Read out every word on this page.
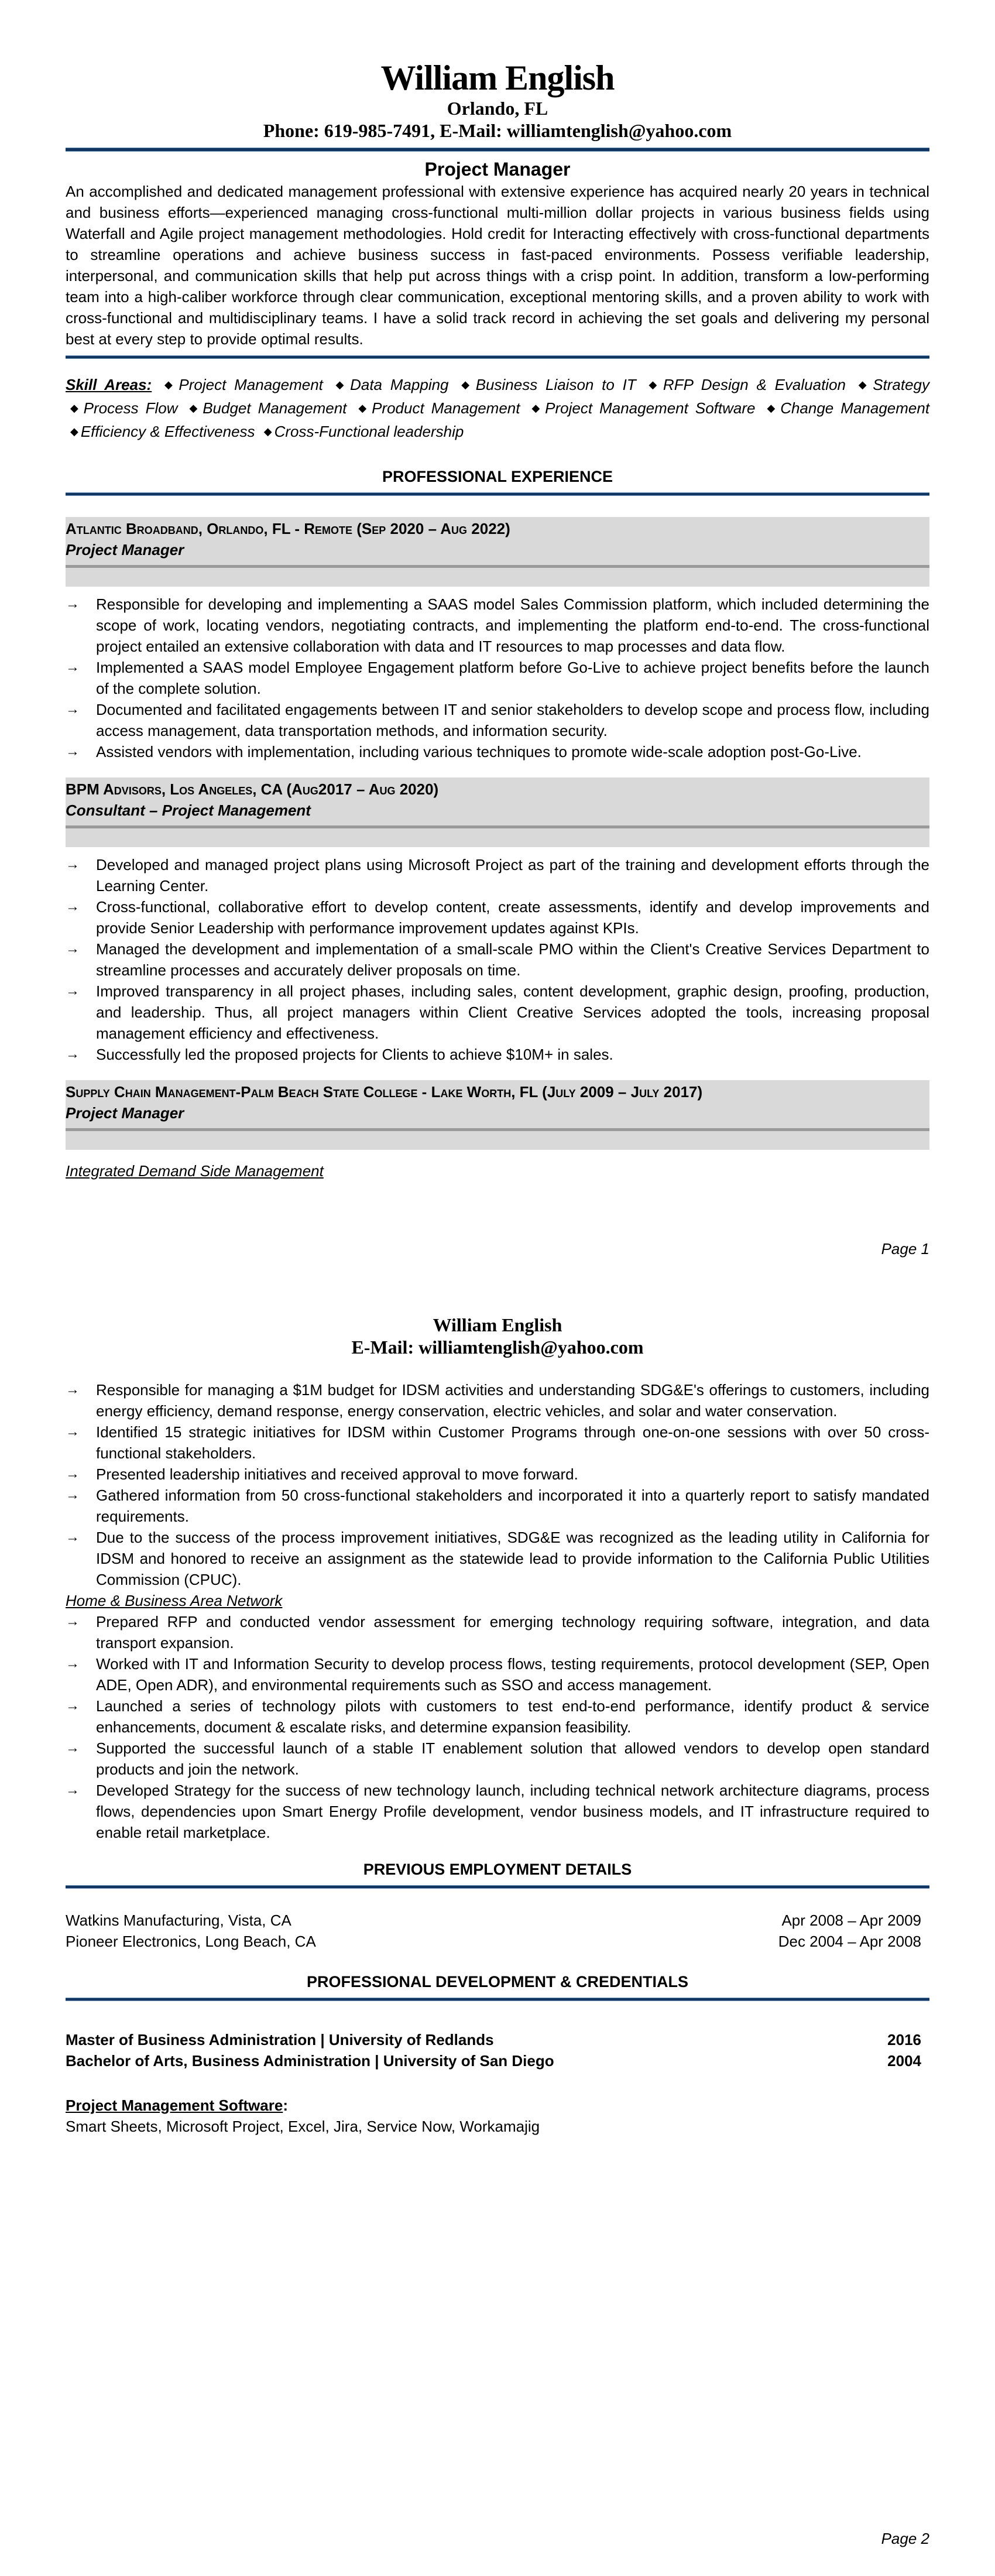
William English
Orlando, FL
Phone: 619-985-7491, E-Mail: williamtenglish@yahoo.com
Project Manager

An accomplished and dedicated management professional with extensive experience has acquired nearly 20 years in technical and business efforts—experienced managing cross-functional multi-million dollar projects in various business fields using Waterfall and Agile project management methodologies. Hold credit for Interacting effectively with cross-functional departments to streamline operations and achieve business success in fast-paced environments. Possess verifiable leadership, interpersonal, and communication skills that help put across things with a crisp point. In addition, transform a low-performing team into a high-caliber workforce through clear communication, exceptional mentoring skills, and a proven ability to work with cross-functional and multidisciplinary teams. I have a solid track record in achieving the set goals and delivering my personal best at every step to provide optimal results.

Skill Areas: ◆ Project Management ◆ Data Mapping ◆ Business Liaison to IT ◆ RFP Design & Evaluation ◆ Strategy ◆ Process Flow ◆ Budget Management ◆ Product Management ◆ Project Management Software ◆ Change Management ◆ Efficiency & Effectiveness ◆ Cross-Functional leadership
PROFESSIONAL EXPERIENCE
Atlantic Broadband, Orlando, FL - Remote (Sep 2020 – Aug 2022)
Project Manager
→	Responsible for developing and implementing a SAAS model Sales Commission platform, which included determining the scope of work, locating vendors, negotiating contracts, and implementing the platform end-to-end. The cross-functional project entailed an extensive collaboration with data and IT resources to map processes and data flow.
→	Implemented a SAAS model Employee Engagement platform before Go-Live to achieve project benefits before the launch of the complete solution.
→	Documented and facilitated engagements between IT and senior stakeholders to develop scope and process flow, including access management, data transportation methods, and information security.
→	Assisted vendors with implementation, including various techniques to promote wide-scale adoption post-Go-Live.
BPM Advisors, Los Angeles, CA (Aug2017 – Aug 2020)
Consultant – Project Management
→	Developed and managed project plans using Microsoft Project as part of the training and development efforts through the Learning Center.
→	Cross-functional, collaborative effort to develop content, create assessments, identify and develop improvements and provide Senior Leadership with performance improvement updates against KPIs.
→	Managed the development and implementation of a small-scale PMO within the Client's Creative Services Department to streamline processes and accurately deliver proposals on time.
→	Improved transparency in all project phases, including sales, content development, graphic design, proofing, production, and leadership. Thus, all project managers within Client Creative Services adopted the tools, increasing proposal management efficiency and effectiveness.
→	Successfully led the proposed projects for Clients to achieve $10M+ in sales.
Supply Chain Management-Palm Beach State College - Lake Worth, FL (July 2009 – July 2017)
Project Manager
Integrated Demand Side Management
Page 1
William English
E-Mail: williamtenglish@yahoo.com
→	Responsible for managing a $1M budget for IDSM activities and understanding SDG&E's offerings to customers, including energy efficiency, demand response, energy conservation, electric vehicles, and solar and water conservation.
→	Identified 15 strategic initiatives for IDSM within Customer Programs through one-on-one sessions with over 50 cross-functional stakeholders.
→	Presented leadership initiatives and received approval to move forward.
→	Gathered information from 50 cross-functional stakeholders and incorporated it into a quarterly report to satisfy mandated requirements.
→	Due to the success of the process improvement initiatives, SDG&E was recognized as the leading utility in California for IDSM and honored to receive an assignment as the statewide lead to provide information to the California Public Utilities Commission (CPUC).
Home & Business Area Network
→	Prepared RFP and conducted vendor assessment for emerging technology requiring software, integration, and data transport expansion.
→	Worked with IT and Information Security to develop process flows, testing requirements, protocol development (SEP, Open ADE, Open ADR), and environmental requirements such as SSO and access management.
→	Launched a series of technology pilots with customers to test end-to-end performance, identify product & service enhancements, document & escalate risks, and determine expansion feasibility.
→	Supported the successful launch of a stable IT enablement solution that allowed vendors to develop open standard products and join the network.
→	Developed Strategy for the success of new technology launch, including technical network architecture diagrams, process flows, dependencies upon Smart Energy Profile development, vendor business models, and IT infrastructure required to enable retail marketplace.
PREVIOUS EMPLOYMENT DETAILS
Watkins Manufacturing, Vista, CA	Apr 2008 – Apr 2009
Pioneer Electronics, Long Beach, CA	Dec 2004 – Apr 2008
PROFESSIONAL DEVELOPMENT & CREDENTIALS
Master of Business Administration | University of Redlands	2016
Bachelor of Arts, Business Administration | University of San Diego	2004
Project Management Software:
Smart Sheets, Microsoft Project, Excel, Jira, Service Now, Workamajig
Page 2
